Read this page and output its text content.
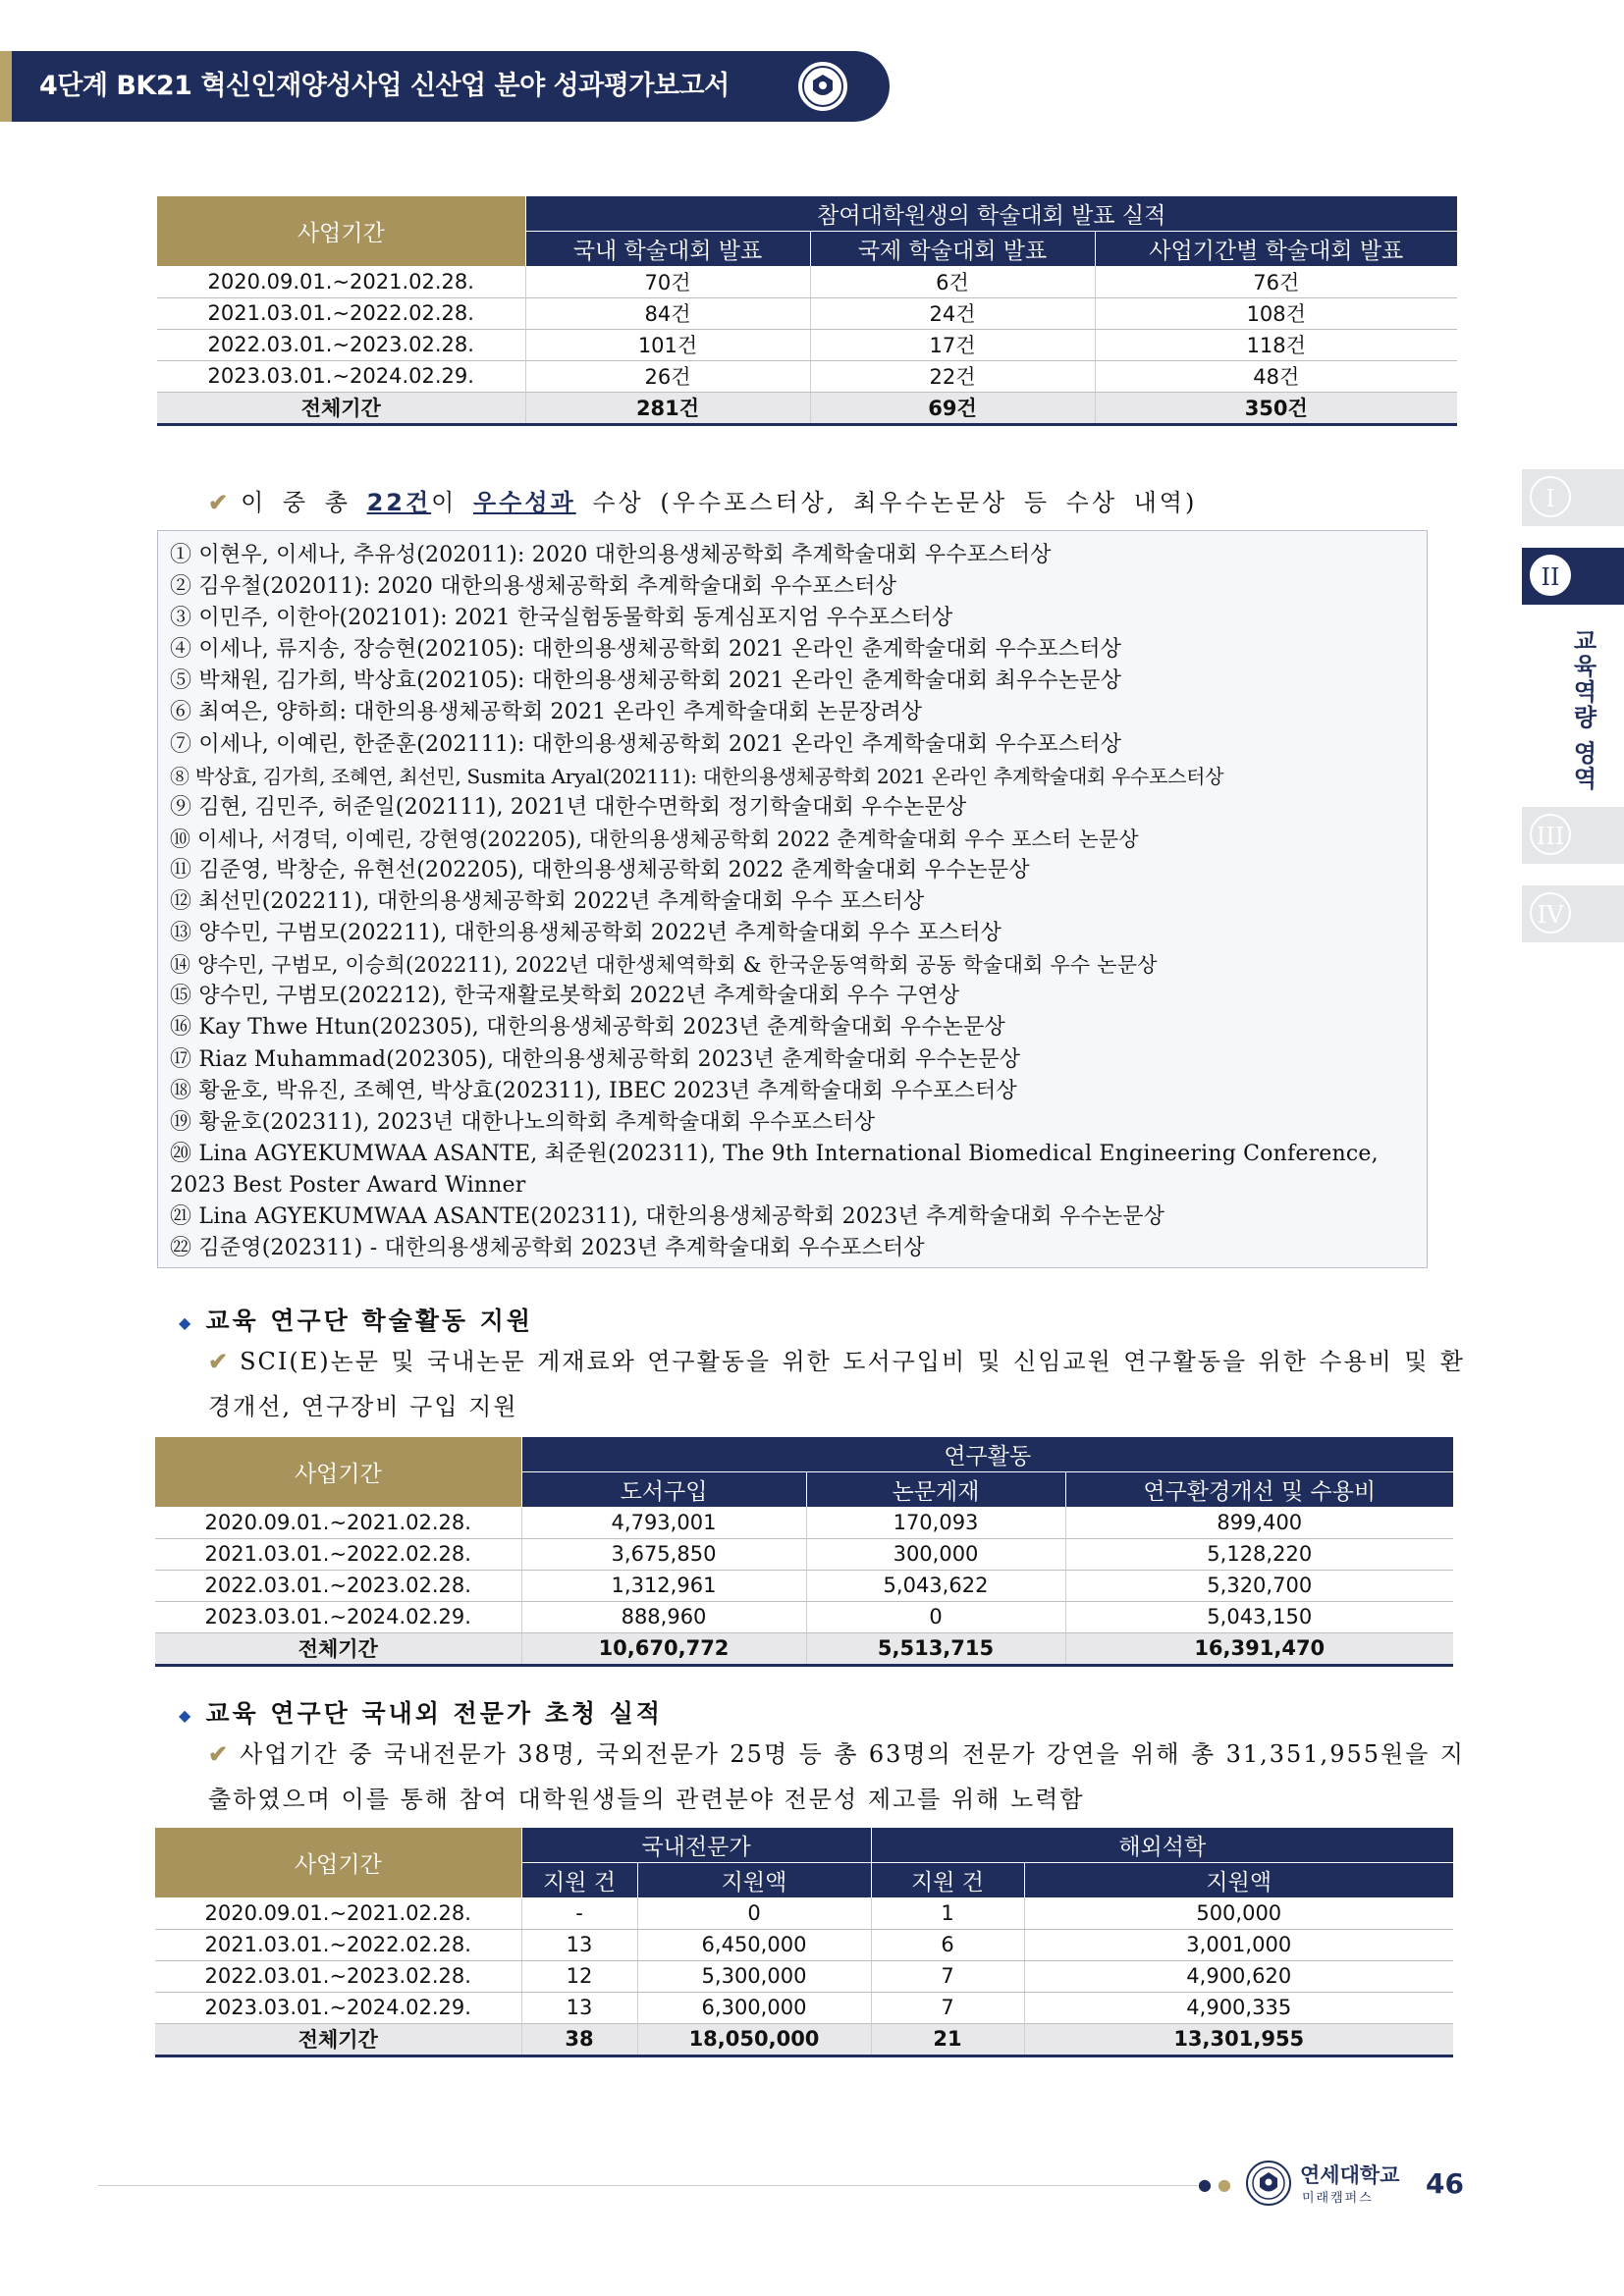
4단계 BK21 혁신인재양성사업 신산업 분야 성과평가보고서
I
II
교육역량 영역
III
IV
사업기간	참여대학원생의 학술대회 발표 실적		
	국내 학술대회 발표	국제 학술대회 발표	사업기간별 학술대회 발표
2020.09.01.~2021.02.28.	70건	6건	76건
2021.03.01.~2022.02.28.	84건	24건	108건
2022.03.01.~2023.02.28.	101건	17건	118건
2023.03.01.~2024.02.29.	26건	22건	48건
전체기간	281건	69건	350건
✔ 이 중 총 22건이 우수성과 수상 (우수포스터상, 최우수논문상 등 수상 내역)
① 이현우, 이세나, 추유성(202011): 2020 대한의용생체공학회 추계학술대회 우수포스터상
② 김우철(202011): 2020 대한의용생체공학회 추계학술대회 우수포스터상
③ 이민주, 이한아(202101): 2021 한국실험동물학회 동계심포지엄 우수포스터상
④ 이세나, 류지송, 장승현(202105): 대한의용생체공학회 2021 온라인 춘계학술대회 우수포스터상
⑤ 박채원, 김가희, 박상효(202105): 대한의용생체공학회 2021 온라인 춘계학술대회 최우수논문상
⑥ 최여은, 양하희: 대한의용생체공학회 2021 온라인 추계학술대회 논문장려상
⑦ 이세나, 이예린, 한준훈(202111): 대한의용생체공학회 2021 온라인 추계학술대회 우수포스터상
⑧ 박상효, 김가희, 조혜연, 최선민, Susmita Aryal(202111): 대한의용생체공학회 2021 온라인 추계학술대회 우수포스터상
⑨ 김현, 김민주, 허준일(202111), 2021년 대한수면학회 정기학술대회 우수논문상
⑩ 이세나, 서경덕, 이예린, 강현영(202205), 대한의용생체공학회 2022 춘계학술대회 우수 포스터 논문상
⑪ 김준영, 박창순, 유현선(202205), 대한의용생체공학회 2022 춘계학술대회 우수논문상
⑫ 최선민(202211), 대한의용생체공학회 2022년 추계학술대회 우수 포스터상
⑬ 양수민, 구범모(202211), 대한의용생체공학회 2022년 추계학술대회 우수 포스터상
⑭ 양수민, 구범모, 이승희(202211), 2022년 대한생체역학회 & 한국운동역학회 공동 학술대회 우수 논문상
⑮ 양수민, 구범모(202212), 한국재활로봇학회 2022년 추계학술대회 우수 구연상
⑯ Kay Thwe Htun(202305), 대한의용생체공학회 2023년 춘계학술대회 우수논문상
⑰ Riaz Muhammad(202305), 대한의용생체공학회 2023년 춘계학술대회 우수논문상
⑱ 황윤호, 박유진, 조혜연, 박상효(202311), IBEC 2023년 추계학술대회 우수포스터상
⑲ 황윤호(202311), 2023년 대한나노의학회 추계학술대회 우수포스터상
⑳ Lina AGYEKUMWAA ASANTE, 최준원(202311), The 9th International Biomedical Engineering Conference, 2023 Best Poster Award Winner
㉑ Lina AGYEKUMWAA ASANTE(202311), 대한의용생체공학회 2023년 추계학술대회 우수논문상
㉒ 김준영(202311) - 대한의용생체공학회 2023년 추계학술대회 우수포스터상
◆ 교육 연구단 학술활동 지원
✔ SCI(E)논문 및 국내논문 게재료와 연구활동을 위한 도서구입비 및 신임교원 연구활동을 위한 수용비 및 환경개선, 연구장비 구입 지원
사업기간	연구활동		
	도서구입	논문게재	연구환경개선 및 수용비
2020.09.01.~2021.02.28.	4,793,001	170,093	899,400
2021.03.01.~2022.02.28.	3,675,850	300,000	5,128,220
2022.03.01.~2023.02.28.	1,312,961	5,043,622	5,320,700
2023.03.01.~2024.02.29.	888,960	0	5,043,150
전체기간	10,670,772	5,513,715	16,391,470
◆ 교육 연구단 국내외 전문가 초청 실적
✔ 사업기간 중 국내전문가 38명, 국외전문가 25명 등 총 63명의 전문가 강연을 위해 총 31,351,955원을 지출하였으며 이를 통해 참여 대학원생들의 관련분야 전문성 제고를 위해 노력함
사업기간	국내전문가		해외석학	
	지원 건	지원액	지원 건	지원액
2020.09.01.~2021.02.28.	-	0	1	500,000
2021.03.01.~2022.02.28.	13	6,450,000	6	3,001,000
2022.03.01.~2023.02.28.	12	5,300,000	7	4,900,620
2023.03.01.~2024.02.29.	13	6,300,000	7	4,900,335
전체기간	38	18,050,000	21	13,301,955
●●	연세대학교
미래캠퍼스 46
